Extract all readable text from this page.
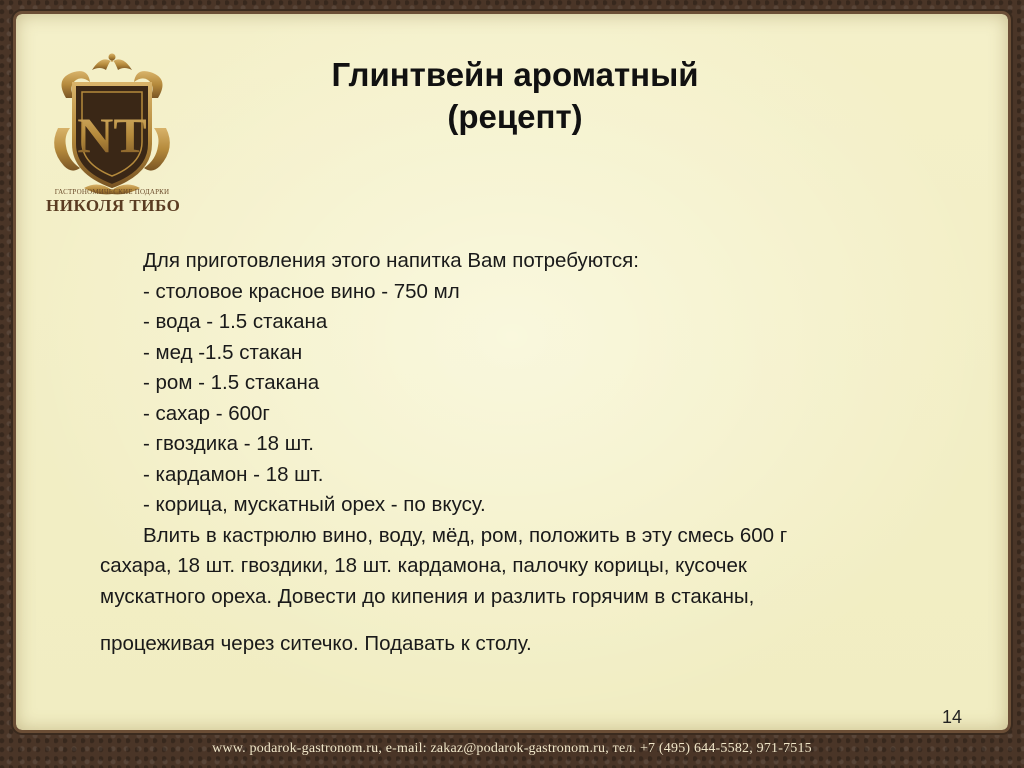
NT
ГАСТРОНОМИЧЕСКИЕ ПОДАРКИ
НИКОЛЯ ТИБО
Глинтвейн ароматный
(рецепт)
Для приготовления этого напитка Вам потребуются:
- столовое красное вино - 750 мл
- вода - 1.5 стакана
- мед -1.5 стакан
- ром - 1.5 стакана
- сахар - 600г
- гвоздика - 18 шт.
- кардамон - 18 шт.
- корица, мускатный орех - по вкусу.
Влить в кастрюлю вино, воду, мёд, ром, положить в эту смесь 600 г
сахара, 18 шт. гвоздики, 18 шт. кардамона, палочку корицы, кусочек
мускатного ореха. Довести до кипения и разлить горячим в стаканы,
процеживая через ситечко. Подавать к столу.
14
www. podarok-gastronom.ru, e-mail: zakaz@podarok-gastronom.ru, тел. +7 (495) 644-5582, 971-7515
